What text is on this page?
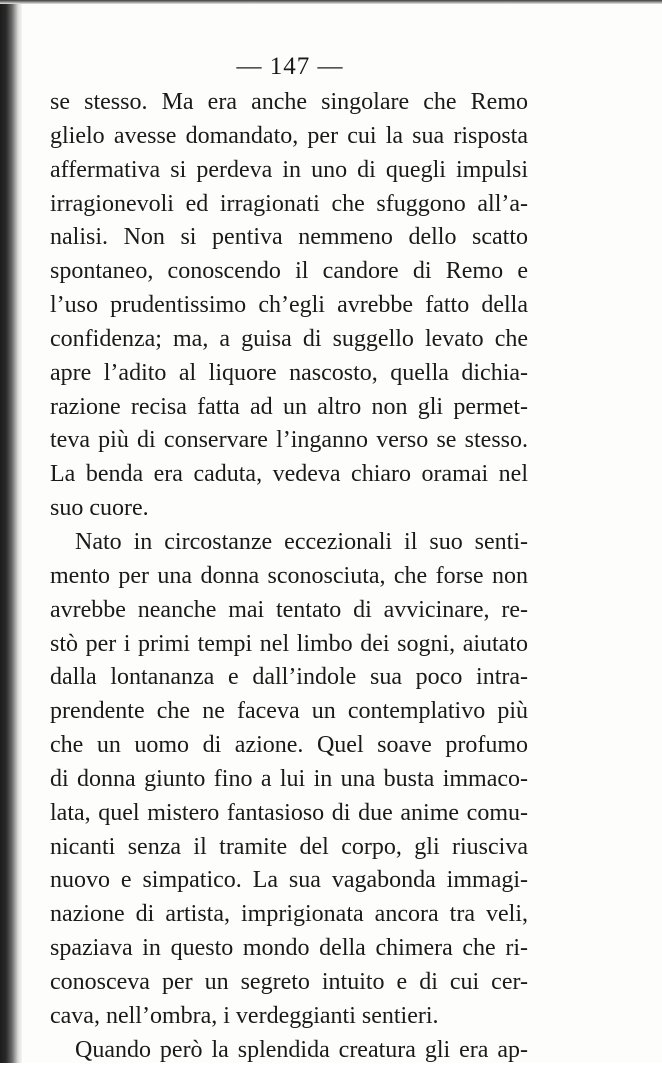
— 147 —
se stesso. Ma era anche singolare che Remo
glielo avesse domandato, per cui la sua risposta
affermativa si perdeva in uno di quegli impulsi
irragionevoli ed irragionati che sfuggono all’a-
nalisi. Non si pentiva nemmeno dello scatto
spontaneo, conoscendo il candore di Remo e
l’uso prudentissimo ch’egli avrebbe fatto della
confidenza; ma, a guisa di suggello levato che
apre l’adito al liquore nascosto, quella dichia-
razione recisa fatta ad un altro non gli permet-
teva più di conservare l’inganno verso se stesso.
La benda era caduta, vedeva chiaro oramai nel
suo cuore.
Nato in circostanze eccezionali il suo senti-
mento per una donna sconosciuta, che forse non
avrebbe neanche mai tentato di avvicinare, re-
stò per i primi tempi nel limbo dei sogni, aiutato
dalla lontananza e dall’indole sua poco intra-
prendente che ne faceva un contemplativo più
che un uomo di azione. Quel soave profumo
di donna giunto fino a lui in una busta immaco-
lata, quel mistero fantasioso di due anime comu-
nicanti senza il tramite del corpo, gli riusciva
nuovo e simpatico. La sua vagabonda immagi-
nazione di artista, imprigionata ancora tra veli,
spaziava in questo mondo della chimera che ri-
conosceva per un segreto intuito e di cui cer-
cava, nell’ombra, i verdeggianti sentieri.
Quando però la splendida creatura gli era ap-
